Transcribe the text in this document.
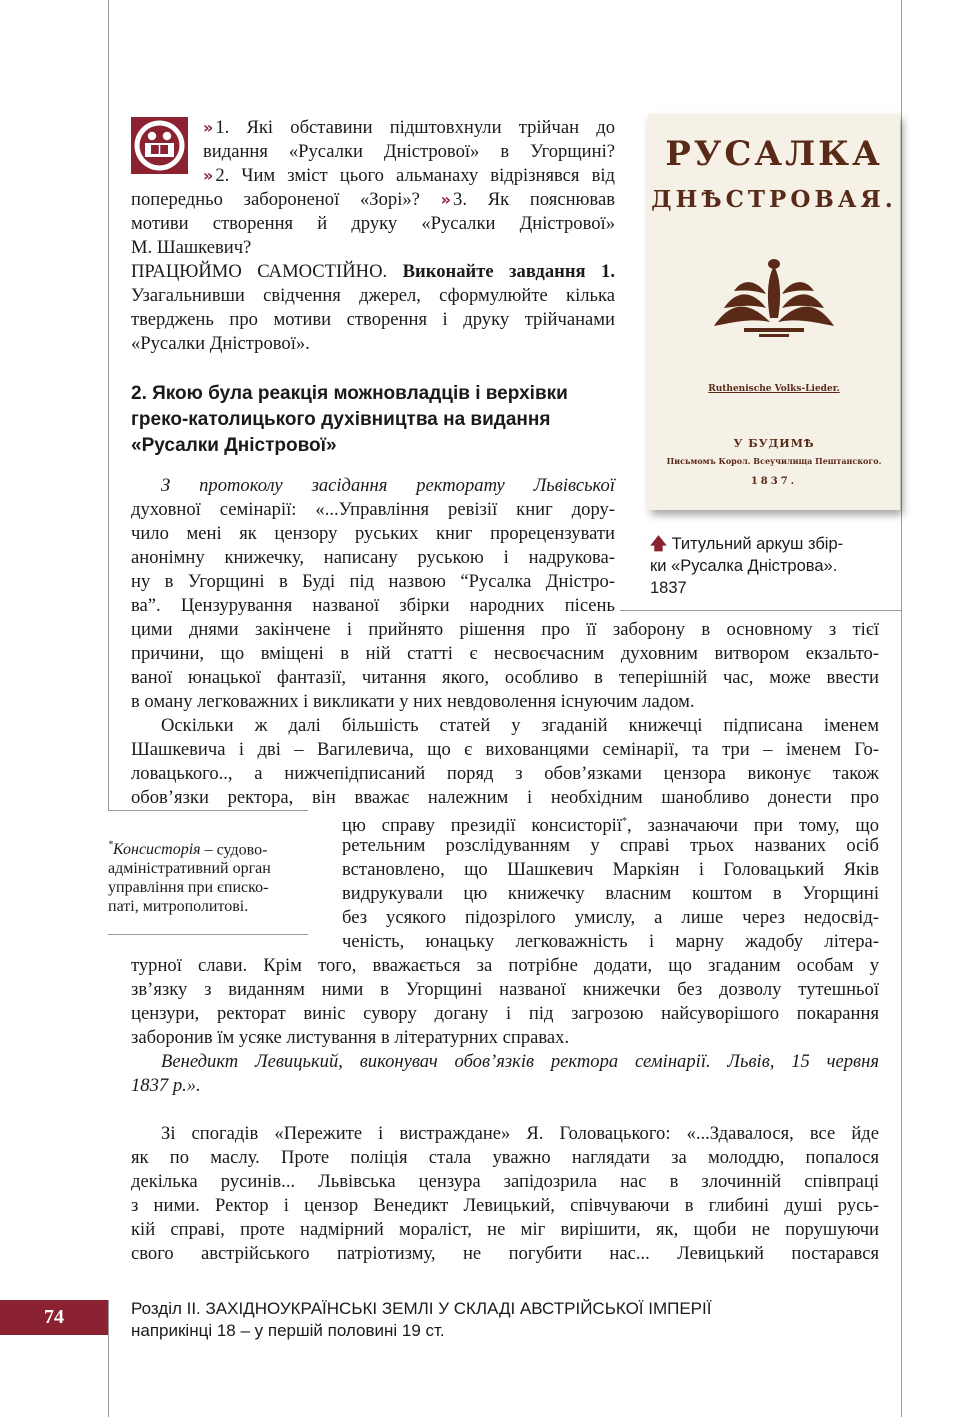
» 1. Які обставини підштовхнули трійчан до
видання «Русалки Дністрової» в Угорщині?
» 2. Чим зміст цього альманаху відрізнявся від
попередньо забороненої «Зорі»? » 3. Як пояснював
мотиви створення й друку «Русалки Дністрової»
М. Шашкевич?
ПРАЦЮЙМО САМОСТІЙНО. Виконайте завдання 1.
Узагальнивши свідчення джерел, сформулюйте кілька
тверджень про мотиви створення і друку трійчанами
«Русалки Дністрової».
2. Якою була реакція можновладців і верхівки
греко-католицького духівництва на видання
«Русалки Дністрової»
З протоколу засідання ректорату Львівської
духовної семінарії: «...Управління ревізії книг дору-
чило мені як цензору руських книг прорецензувати
анонімну книжечку, написану руською і надрукова-
ну в Угорщині в Буді під назвою “Русалка Дністро-
ва”. Цензурування названої збірки народних пісень
цими днями закінчене і прийнято рішення про її заборону в основному з тієї
причини, що вміщені в ній статті є несвоєчасним духовним витвором екзальто-
ваної юнацької фантазії, читання якого, особливо в теперішній час, може ввести
в оману легковажних і викликати у них невдоволення існуючим ладом.
Оскільки ж далі більшість статей у згаданій книжечці підписана іменем
Шашкевича і дві – Вагилевича, що є вихованцями семінарії, та три – іменем Го-
ловацького.., а нижчепідписаний поряд з обов’язками цензора виконує також
обов’язки ректора, він вважає належним і необхідним шанобливо донести про
цю справу президії консисторії*, зазначаючи при тому, що
ретельним розслідуванням у справі трьох названих осіб
встановлено, що Шашкевич Маркіян і Головацький Яків
видрукували цю книжечку власним коштом в Угорщині
без усякого підозрілого умислу, а лише через недосвід-
ченість, юнацьку легковажність і марну жадобу літера-
*Консисторія – судово-
адміністративний орган
управління при єписко-
паті, митрополитові.
турної слави. Крім того, вважається за потрібне додати, що згаданим особам у
зв’язку з виданням ними в Угорщині названої книжечки без дозволу тутешньої
цензури, ректорат виніс сувору догану і під загрозою найсуворішого покарання
заборонив їм усяке листування в літературних справах.
Венедикт Левицький, виконувач обов’язків ректора семінарії. Львів, 15 червня
1837 р.».
Зі спогадів «Пережите і вистраждане» Я. Головацького: «...Здавалося, все йде
як по маслу. Проте поліція стала уважно наглядати за молоддю, попалося
декілька русинів... Львівська цензура запідозрила нас в злочинній співпраці
з ними. Ректор і цензор Венедикт Левицький, співчуваючи в глибині душі русь-
кій справі, проте надмірний мораліст, не міг вирішити, як, щоби не порушуючи
свого австрійського патріотизму, не погубити нас... Левицький постарався
РУСАЛКА
ДНѢСТРОВАЯ.
Ruthenische Volks-Lieder.
У БУДИМѢ
Письмомъ Корол. Всеучилища Пештанского.
1837.
🡅 Титульний аркуш збір-
ки «Русалка Дністрова».
1837
74	Розділ ІІ. ЗАХІДНОУКРАЇНСЬКІ ЗЕМЛІ У СКЛАДІ АВСТРІЙСЬКОЇ ІМПЕРІЇ
наприкінці 18 – у першій половині 19 ст.
